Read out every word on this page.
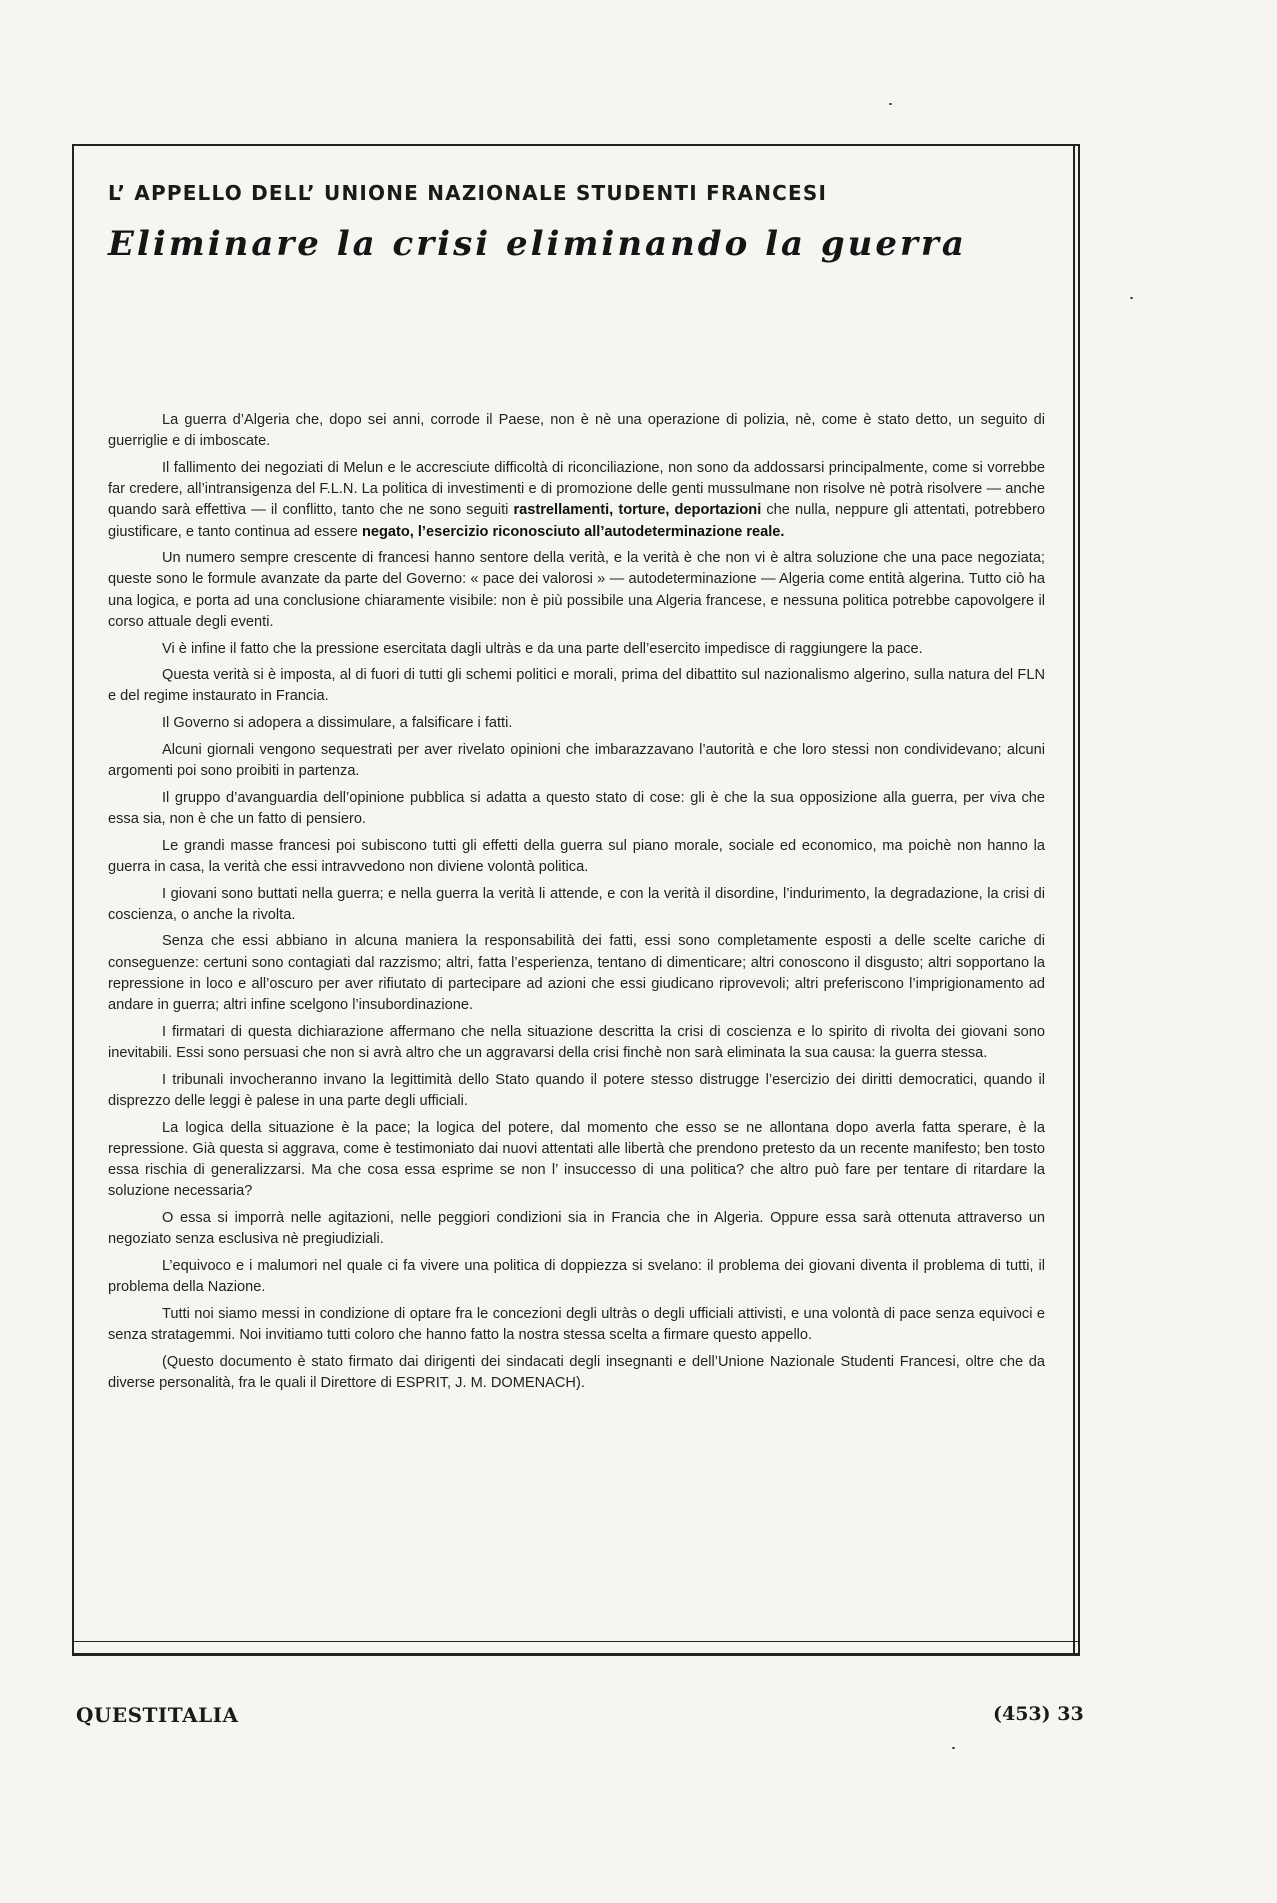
L’ APPELLO DELL’ UNIONE NAZIONALE STUDENTI FRANCESI
Eliminare la crisi eliminando la guerra

La guerra d’Algeria che, dopo sei anni, corrode il Paese, non è nè una operazione di polizia, nè, come è stato detto, un seguito di guerriglie e di imboscate.

Il fallimento dei negoziati di Melun e le accresciute difficoltà di riconciliazione, non sono da addossarsi principalmente, come si vorrebbe far credere, all’intransigenza del F.L.N. La politica di investimenti e di promozione delle genti mussulmane non risolve nè potrà risolvere — anche quando sarà effettiva — il conflitto, tanto che ne sono seguiti rastrellamenti, torture, deportazioni che nulla, neppure gli attentati, potrebbero giustificare, e tanto continua ad essere negato, l’esercizio riconosciuto all’autodeterminazione reale.

Un numero sempre crescente di francesi hanno sentore della verità, e la verità è che non vi è altra soluzione che una pace negoziata; queste sono le formule avanzate da parte del Governo: « pace dei valorosi » — autodeterminazione — Algeria come entità algerina. Tutto ciò ha una logica, e porta ad una conclusione chiaramente visibile: non è più possibile una Algeria francese, e nessuna politica potrebbe capovolgere il corso attuale degli eventi.

Vi è infine il fatto che la pressione esercitata dagli ultràs e da una parte dell’esercito impedisce di raggiungere la pace.

Questa verità si è imposta, al di fuori di tutti gli schemi politici e morali, prima del dibattito sul nazionalismo algerino, sulla natura del FLN e del regime instaurato in Francia.

Il Governo si adopera a dissimulare, a falsificare i fatti.

Alcuni giornali vengono sequestrati per aver rivelato opinioni che imbarazzavano l’autorità e che loro stessi non condividevano; alcuni argomenti poi sono proibiti in partenza.

Il gruppo d’avanguardia dell’opinione pubblica si adatta a questo stato di cose: gli è che la sua opposizione alla guerra, per viva che essa sia, non è che un fatto di pensiero.

Le grandi masse francesi poi subiscono tutti gli effetti della guerra sul piano morale, sociale ed economico, ma poichè non hanno la guerra in casa, la verità che essi intravvedono non diviene volontà politica.

I giovani sono buttati nella guerra; e nella guerra la verità li attende, e con la verità il disordine, l’indurimento, la degradazione, la crisi di coscienza, o anche la rivolta.

Senza che essi abbiano in alcuna maniera la responsabilità dei fatti, essi sono completamente esposti a delle scelte cariche di conseguenze: certuni sono contagiati dal razzismo; altri, fatta l’esperienza, tentano di dimenticare; altri conoscono il disgusto; altri sopportano la repressione in loco e all’oscuro per aver rifiutato di partecipare ad azioni che essi giudicano riprovevoli; altri preferiscono l’imprigionamento ad andare in guerra; altri infine scelgono l’insubordinazione.

I firmatari di questa dichiarazione affermano che nella situazione descritta la crisi di coscienza e lo spirito di rivolta dei giovani sono inevitabili. Essi sono persuasi che non si avrà altro che un aggravarsi della crisi finchè non sarà eliminata la sua causa: la guerra stessa.

I tribunali invocheranno invano la legittimità dello Stato quando il potere stesso distrugge l’esercizio dei diritti democratici, quando il disprezzo delle leggi è palese in una parte degli ufficiali.

La logica della situazione è la pace; la logica del potere, dal momento che esso se ne allontana dopo averla fatta sperare, è la repressione. Già questa si aggrava, come è testimoniato dai nuovi attentati alle libertà che prendono pretesto da un recente manifesto; ben tosto essa rischia di generalizzarsi. Ma che cosa essa esprime se non l’ insuccesso di una politica? che altro può fare per tentare di ritardare la soluzione necessaria?

O essa si imporrà nelle agitazioni, nelle peggiori condizioni sia in Francia che in Algeria. Oppure essa sarà ottenuta attraverso un negoziato senza esclusiva nè pregiudiziali.

L’equivoco e i malumori nel quale ci fa vivere una politica di doppiezza si svelano: il problema dei giovani diventa il problema di tutti, il problema della Nazione.

Tutti noi siamo messi in condizione di optare fra le concezioni degli ultràs o degli ufficiali attivisti, e una volontà di pace senza equivoci e senza stratagemmi. Noi invitiamo tutti coloro che hanno fatto la nostra stessa scelta a firmare questo appello.

(Questo documento è stato firmato dai dirigenti dei sindacati degli insegnanti e dell’Unione Nazionale Studenti Francesi, oltre che da diverse personalità, fra le quali il Direttore di ESPRIT, J. M. DOMENACH).

QUESTITALIA	(453) 33
